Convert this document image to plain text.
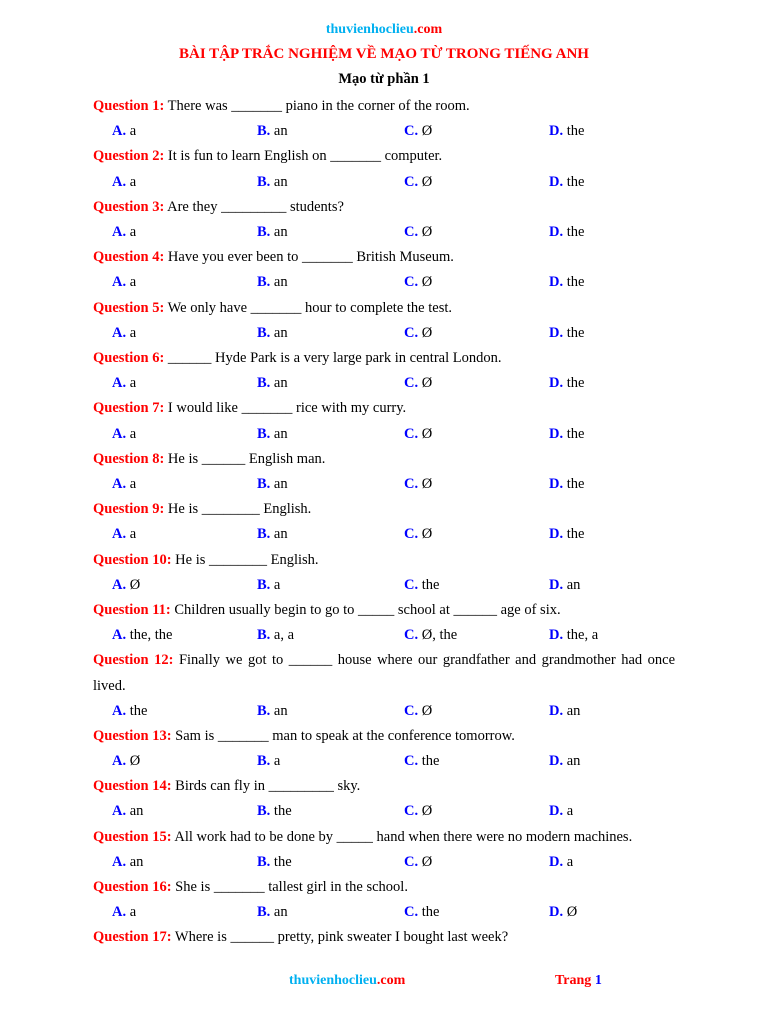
thuvienhoclieu.com
BÀI TẬP TRẮC NGHIỆM VỀ MẠO TỪ TRONG TIẾNG ANH
Mạo từ phần 1
Question 1: There was _______ piano in the corner of the room.
A. a	B. an	C. Ø	D. the
Question 2: It is fun to learn English on _______ computer.
A. a	B. an	C. Ø	D. the
Question 3: Are they _________ students?
A. a	B. an	C. Ø	D. the
Question 4: Have you ever been to _______ British Museum.
A. a	B. an	C. Ø	D. the
Question 5: We only have _______ hour to complete the test.
A. a	B. an	C. Ø	D. the
Question 6: ______ Hyde Park is a very large park in central London.
A. a	B. an	C. Ø	D. the
Question 7: I would like _______ rice with my curry.
A. a	B. an	C. Ø	D. the
Question 8: He is ______ English man.
A. a	B. an	C. Ø	D. the
Question 9: He is ________ English.
A. a	B. an	C. Ø	D. the
Question 10: He is ________ English.
A. Ø	B. a	C. the	D. an
Question 11: Children usually begin to go to _____ school at ______ age of six.
A. the, the	B. a, a	C. Ø, the	D. the, a
Question 12: Finally we got to ______ house where our grandfather and grandmother had once lived.
A. the	B. an	C. Ø	D. an
Question 13: Sam is _______ man to speak at the conference tomorrow.
A. Ø	B. a	C. the	D. an
Question 14: Birds can fly in _________ sky.
A. an	B. the	C. Ø	D. a
Question 15: All work had to be done by _____ hand when there were no modern machines.
A. an	B. the	C. Ø	D. a
Question 16: She is _______ tallest girl in the school.
A. a	B. an	C. the	D. Ø
Question 17: Where is ______ pretty, pink sweater I bought last week?
thuvienhoclieu.com	Trang 1
